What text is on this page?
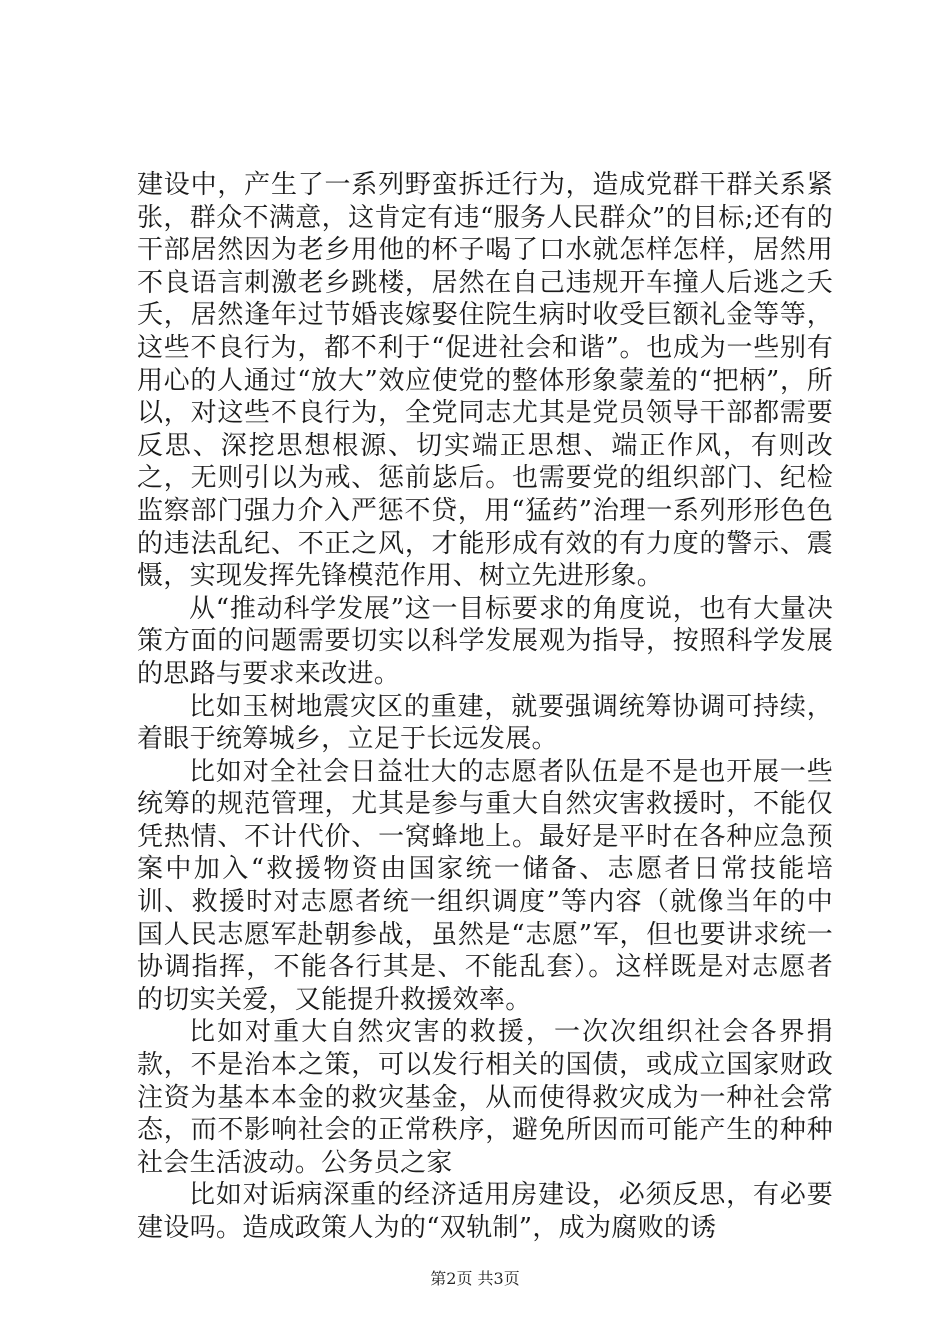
建设中，产生了一系列野蛮拆迁行为，造成党群干群关系紧张，群众不满意，这肯定有违“服务人民群众”的目标;还有的干部居然因为老乡用他的杯子喝了口水就怎样怎样，居然用不良语言刺激老乡跳楼，居然在自己违规开车撞人后逃之夭夭，居然逢年过节婚丧嫁娶住院生病时收受巨额礼金等等，这些不良行为，都不利于“促进社会和谐”。也成为一些别有用心的人通过“放大”效应使党的整体形象蒙羞的“把柄”，所以，对这些不良行为，全党同志尤其是党员领导干部都需要反思、深挖思想根源、切实端正思想、端正作风，有则改之，无则引以为戒、惩前毖后。也需要党的组织部门、纪检监察部门强力介入严惩不贷，用“猛药”治理一系列形形色色的违法乱纪、不正之风，才能形成有效的有力度的警示、震慑，实现发挥先锋模范作用、树立先进形象。

从“推动科学发展”这一目标要求的角度说，也有大量决策方面的问题需要切实以科学发展观为指导，按照科学发展的思路与要求来改进。

比如玉树地震灾区的重建，就要强调统筹协调可持续，着眼于统筹城乡，立足于长远发展。

比如对全社会日益壮大的志愿者队伍是不是也开展一些统筹的规范管理，尤其是参与重大自然灾害救援时，不能仅凭热情、不计代价、一窝蜂地上。最好是平时在各种应急预案中加入“救援物资由国家统一储备、志愿者日常技能培训、救援时对志愿者统一组织调度”等内容（就像当年的中国人民志愿军赴朝参战，虽然是“志愿”军，但也要讲求统一协调指挥，不能各行其是、不能乱套）。这样既是对志愿者的切实关爱，又能提升救援效率。

比如对重大自然灾害的救援，一次次组织社会各界捐款，不是治本之策，可以发行相关的国债，或成立国家财政注资为基本本金的救灾基金，从而使得救灾成为一种社会常态，而不影响社会的正常秩序，避免所因而可能产生的种种社会生活波动。公务员之家

比如对诟病深重的经济适用房建设，必须反思，有必要建设吗。造成政策人为的“双轨制”，成为腐败的诱

第2页 共3页
